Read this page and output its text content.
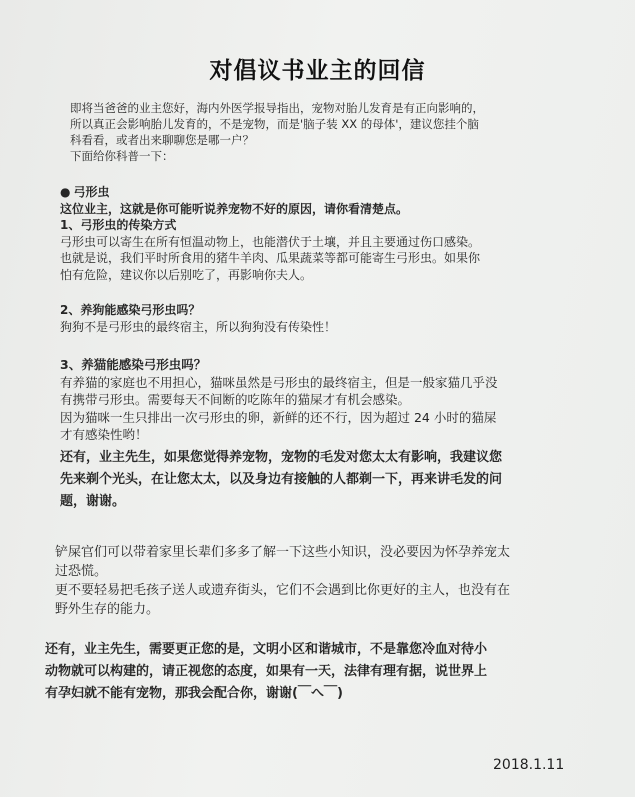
对倡议书业主的回信
即将当爸爸的业主您好，海内外医学报导指出，宠物对胎儿发育是有正向影响的，
所以真正会影响胎儿发育的，不是宠物，而是'脑子装 XX 的母体'，建议您挂个脑
科看看，或者出来聊聊您是哪一户？
下面给你科普一下：
● 弓形虫
这位业主，这就是你可能听说养宠物不好的原因，请你看清楚点。
1、弓形虫的传染方式
弓形虫可以寄生在所有恒温动物上，也能潜伏于土壤，并且主要通过伤口感染。
也就是说，我们平时所食用的猪牛羊肉、瓜果蔬菜等都可能寄生弓形虫。如果你
怕有危险，建议你以后别吃了，再影响你夫人。
2、养狗能感染弓形虫吗？
狗狗不是弓形虫的最终宿主，所以狗狗没有传染性！
3、养猫能感染弓形虫吗？
有养猫的家庭也不用担心，猫咪虽然是弓形虫的最终宿主，但是一般家猫几乎没
有携带弓形虫。需要每天不间断的吃陈年的猫屎才有机会感染。
因为猫咪一生只排出一次弓形虫的卵，新鲜的还不行，因为超过 24 小时的猫屎
才有感染性哟！
还有，业主先生，如果您觉得养宠物，宠物的毛发对您太太有影响，我建议您
先来剃个光头，在让您太太，以及身边有接触的人都剃一下，再来讲毛发的问
题，谢谢。
铲屎官们可以带着家里长辈们多多了解一下这些小知识，没必要因为怀孕养宠太
过恐慌。
更不要轻易把毛孩子送人或遗弃街头，它们不会遇到比你更好的主人，也没有在
野外生存的能力。
还有，业主先生，需要更正您的是，文明小区和谐城市，不是靠您冷血对待小
动物就可以构建的，请正视您的态度，如果有一天，法律有理有据，说世界上
有孕妇就不能有宠物，那我会配合你，谢谢(￣へ￣)
2018.1.11
